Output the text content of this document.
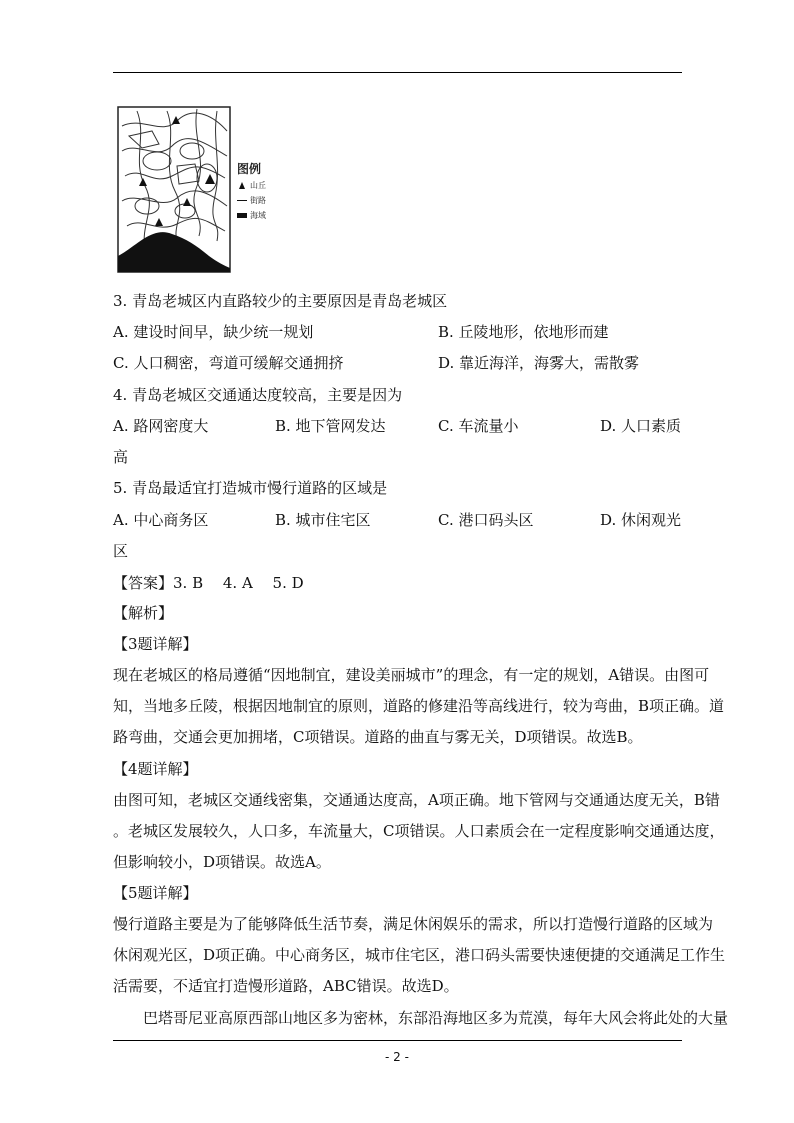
图例
山丘
街路
海域
3. 青岛老城区内直路较少的主要原因是青岛老城区
A. 建设时间早，缺少统一规划	B. 丘陵地形，依地形而建
C. 人口稠密，弯道可缓解交通拥挤	D. 靠近海洋，海雾大，需散雾
4. 青岛老城区交通通达度较高，主要是因为
A. 路网密度大	B. 地下管网发达	C. 车流量小	D. 人口素质
高
5. 青岛最适宜打造城市慢行道路的区域是
A. 中心商务区	B. 城市住宅区	C. 港口码头区	D. 休闲观光
区
【答案】3. B　 4. A　 5. D
【解析】
【3题详解】
现在老城区的格局遵循“因地制宜，建设美丽城市”的理念，有一定的规划，A错误。由图可
知，当地多丘陵，根据因地制宜的原则，道路的修建沿等高线进行，较为弯曲，B项正确。道
路弯曲，交通会更加拥堵，C项错误。道路的曲直与雾无关，D项错误。故选B。
【4题详解】
由图可知，老城区交通线密集，交通通达度高，A项正确。地下管网与交通通达度无关，B错
。老城区发展较久，人口多，车流量大，C项错误。人口素质会在一定程度影响交通通达度，
但影响较小，D项错误。故选A。
【5题详解】
慢行道路主要是为了能够降低生活节奏，满足休闲娱乐的需求，所以打造慢行道路的区域为
休闲观光区，D项正确。中心商务区，城市住宅区，港口码头需要快速便捷的交通满足工作生
活需要，不适宜打造慢形道路，ABC错误。故选D。
巴塔哥尼亚高原西部山地区多为密林，东部沿海地区多为荒漠，每年大风会将此处的大量
- 2 -
